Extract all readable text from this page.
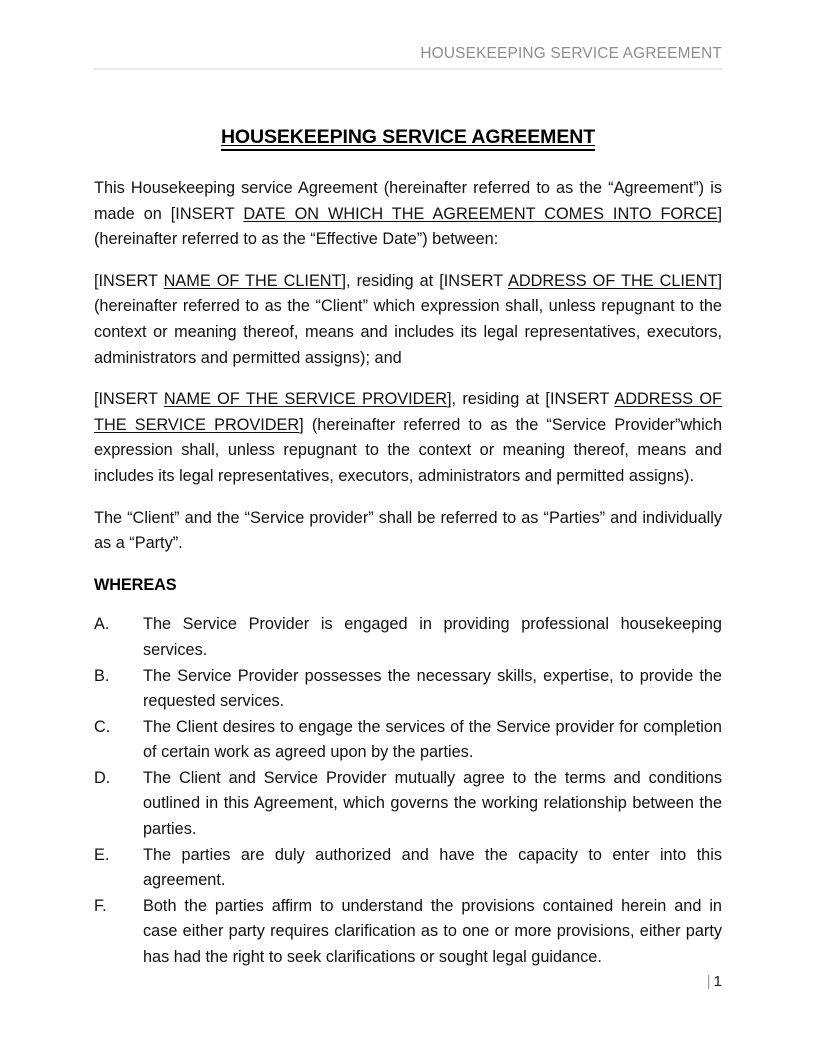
HOUSEKEEPING SERVICE AGREEMENT
HOUSEKEEPING SERVICE AGREEMENT

This Housekeeping service Agreement (hereinafter referred to as the “Agreement”) is made on [INSERT DATE ON WHICH THE AGREEMENT COMES INTO FORCE] (hereinafter referred to as the “Effective Date”) between:

[INSERT NAME OF THE CLIENT], residing at [INSERT ADDRESS OF THE CLIENT] (hereinafter referred to as the “Client” which expression shall, unless repugnant to the context or meaning thereof, means and includes its legal representatives, executors, administrators and permitted assigns); and

[INSERT NAME OF THE SERVICE PROVIDER], residing at [INSERT ADDRESS OF THE SERVICE PROVIDER] (hereinafter referred to as the “Service Provider”which expression shall, unless repugnant to the context or meaning thereof, means and includes its legal representatives, executors, administrators and permitted assigns).

The “Client” and the “Service provider” shall be referred to as “Parties” and individually as a “Party”.

WHEREAS
A.	The Service Provider is engaged in providing professional housekeeping services.
B.	The Service Provider possesses the necessary skills, expertise, to provide the requested services.
C.	The Client desires to engage the services of the Service provider for completion of certain work as agreed upon by the parties.
D.	The Client and Service Provider mutually agree to the terms and conditions outlined in this Agreement, which governs the working relationship between the parties.
E.	The parties are duly authorized and have the capacity to enter into this agreement.
F.	Both the parties affirm to understand the provisions contained herein and in case either party requires clarification as to one or more provisions, either party has had the right to seek clarifications or sought legal guidance.
| 1
